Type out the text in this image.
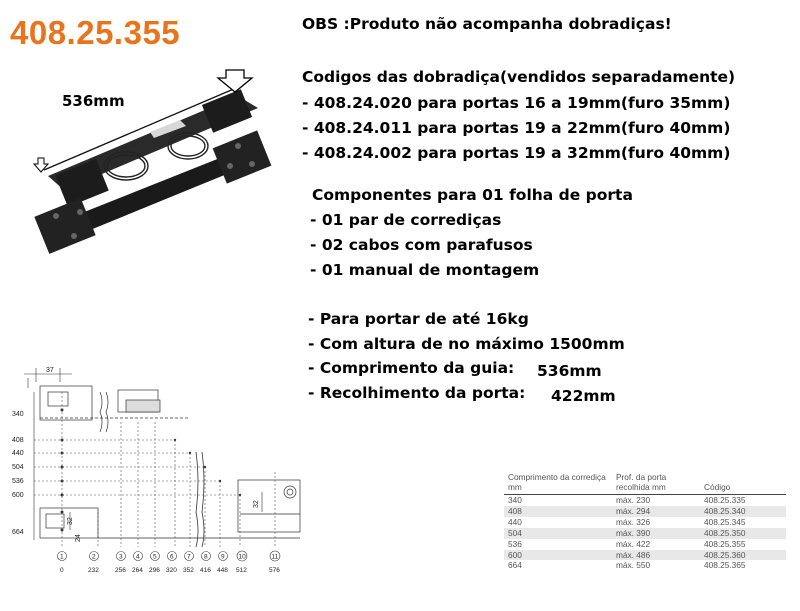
408.25.355
536mm
OBS :Produto não acompanha dobradiças!
Codigos das dobradiça(vendidos separadamente)
- 408.24.020 para portas 16 a 19mm(furo 35mm)
- 408.24.011 para portas 19 a 22mm(furo 40mm)
- 408.24.002 para portas 19 a 32mm(furo 40mm)
Componentes para 01 folha de porta
- 01 par de corrediças
- 02 cabos com parafusos
- 01 manual de montagem
- Para portar de até 16kg
- Com altura de no máximo 1500mm
- Comprimento da guia: 536mm
- Recolhimento da porta: 422mm
37
340
408
440
504
536
600
664
32
24
32
1
0
2
232
3
256
4
264
5
296
6
320
7
352
8
416
9
448
10
512
11
576
Comprimento da corrediça mm	Prof. da porta recolhida mm	Código
340	máx. 230	408.25.335
408	máx. 294	408.25.340
440	máx. 326	408.25.345
504	máx. 390	408.25.350
536	máx. 422	408.25.355
600	máx. 486	408.25.360
664	máx. 550	408.25.365
